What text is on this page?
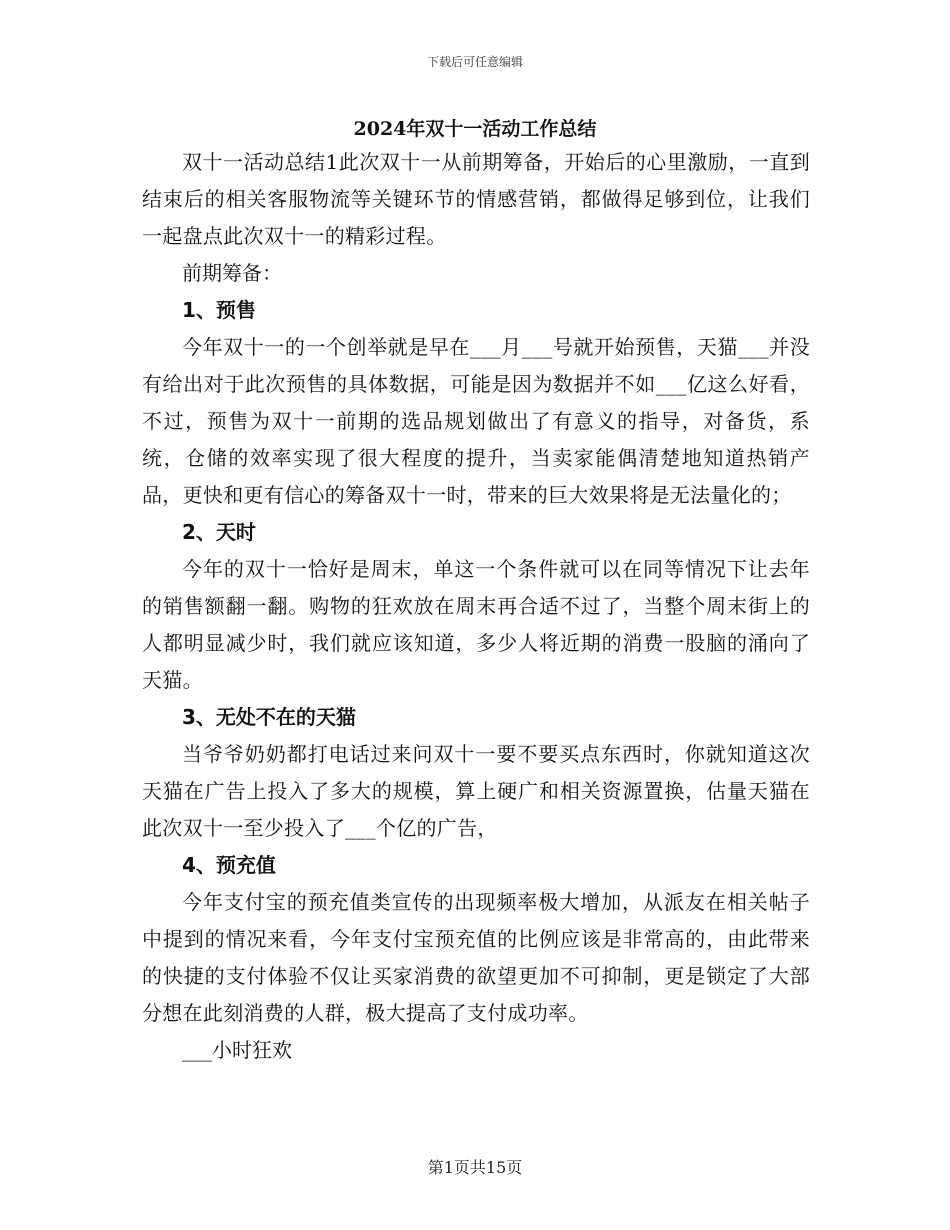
下载后可任意编辑
2024年双十一活动工作总结

双十一活动总结1此次双十一从前期筹备，开始后的心里激励，一直到结束后的相关客服物流等关键环节的情感营销，都做得足够到位，让我们一起盘点此次双十一的精彩过程。

前期筹备：

1、预售

今年双十一的一个创举就是早在___月___号就开始预售，天猫___并没有给出对于此次预售的具体数据，可能是因为数据并不如___亿这么好看，不过，预售为双十一前期的选品规划做出了有意义的指导，对备货，系统，仓储的效率实现了很大程度的提升，当卖家能偶清楚地知道热销产品，更快和更有信心的筹备双十一时，带来的巨大效果将是无法量化的；

2、天时

今年的双十一恰好是周末，单这一个条件就可以在同等情况下让去年的销售额翻一翻。购物的狂欢放在周末再合适不过了，当整个周末街上的人都明显减少时，我们就应该知道，多少人将近期的消费一股脑的涌向了天猫。

3、无处不在的天猫

当爷爷奶奶都打电话过来问双十一要不要买点东西时，你就知道这次天猫在广告上投入了多大的规模，算上硬广和相关资源置换，估量天猫在此次双十一至少投入了___个亿的广告，

4、预充值

今年支付宝的预充值类宣传的出现频率极大增加，从派友在相关帖子中提到的情况来看，今年支付宝预充值的比例应该是非常高的，由此带来的快捷的支付体验不仅让买家消费的欲望更加不可抑制，更是锁定了大部分想在此刻消费的人群，极大提高了支付成功率。

___小时狂欢

第1页共15页
